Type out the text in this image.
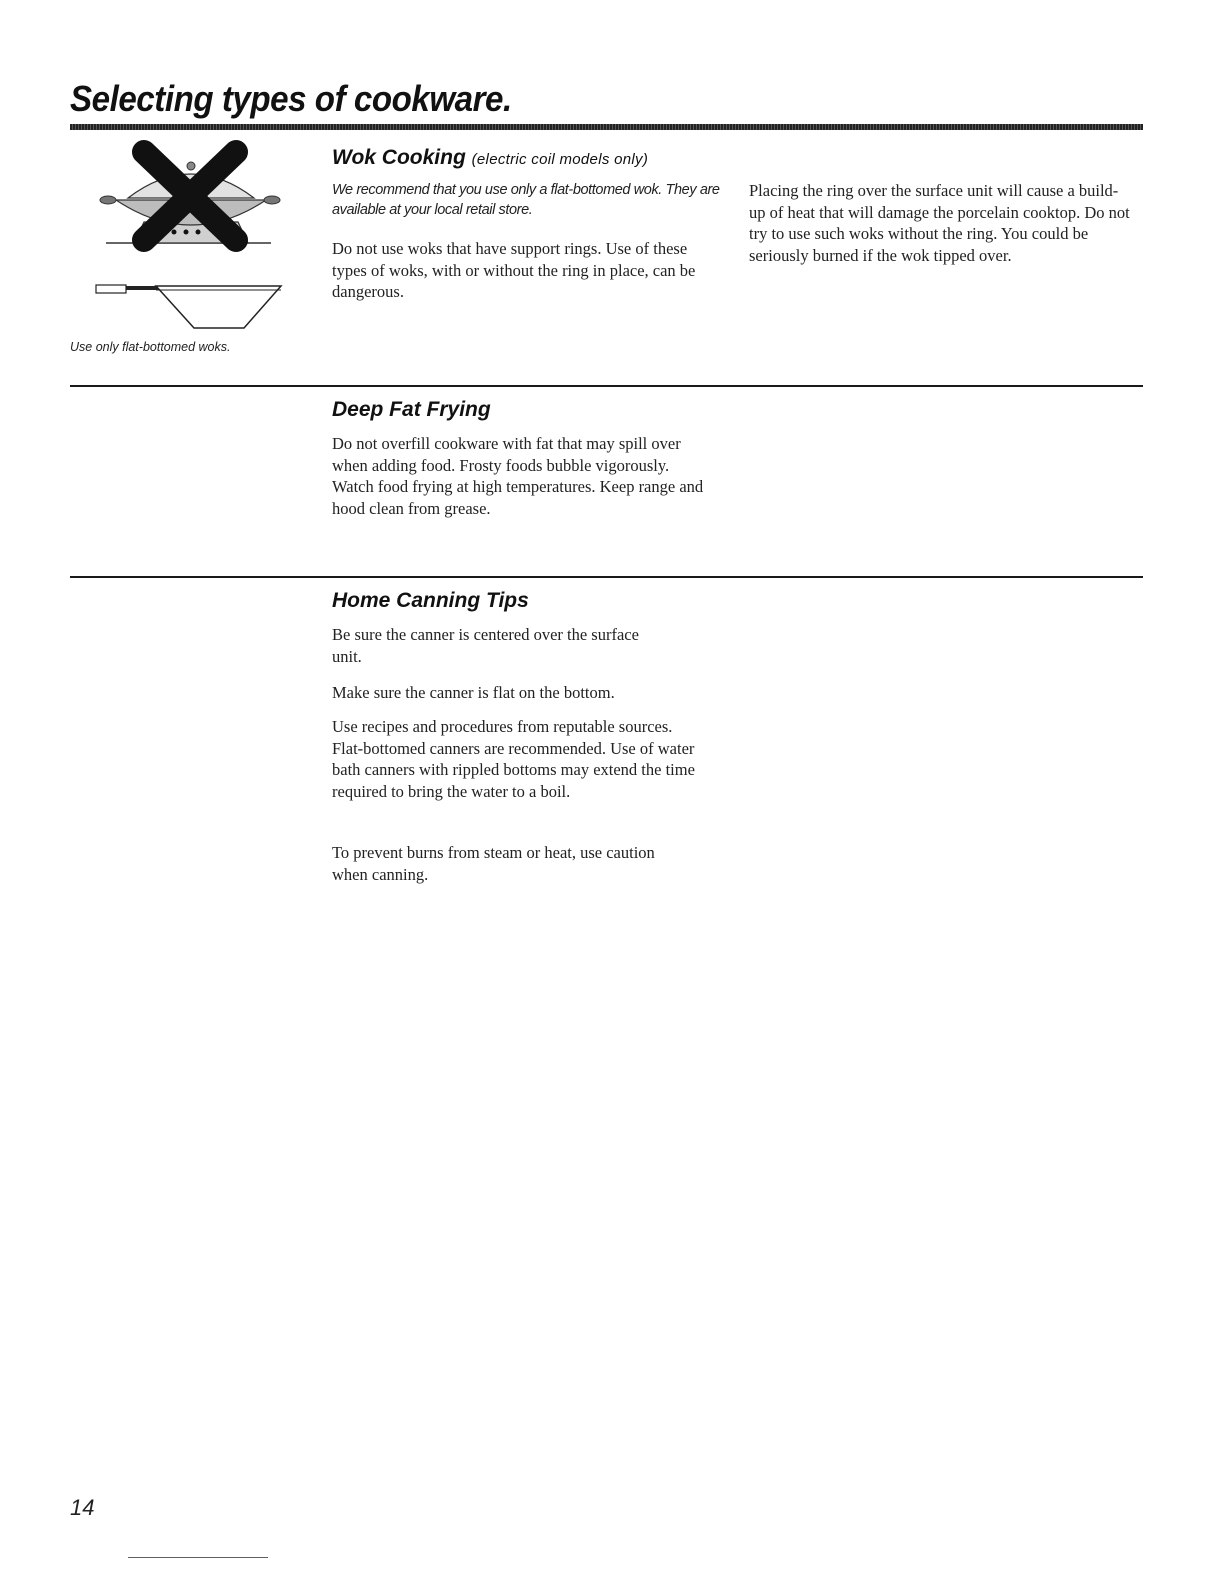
Selecting types of cookware.

Use only flat-bottomed woks.

Wok Cooking (electric coil models only)

We recommend that you use only a flat-bottomed wok. They are available at your local retail store.

Do not use woks that have support rings. Use of these types of woks, with or without the ring in place, can be dangerous.

Placing the ring over the surface unit will cause a build-up of heat that will damage the porcelain cooktop. Do not try to use such woks without the ring. You could be seriously burned if the wok tipped over.

Deep Fat Frying

Do not overfill cookware with fat that may spill over when adding food. Frosty foods bubble vigorously. Watch food frying at high temperatures. Keep range and hood clean from grease.

Home Canning Tips

Be sure the canner is centered over the surface unit.

Make sure the canner is flat on the bottom.

Use recipes and procedures from reputable sources. Flat-bottomed canners are recommended. Use of water bath canners with rippled bottoms may extend the time required to bring the water to a boil.

To prevent burns from steam or heat, use caution when canning.

14
